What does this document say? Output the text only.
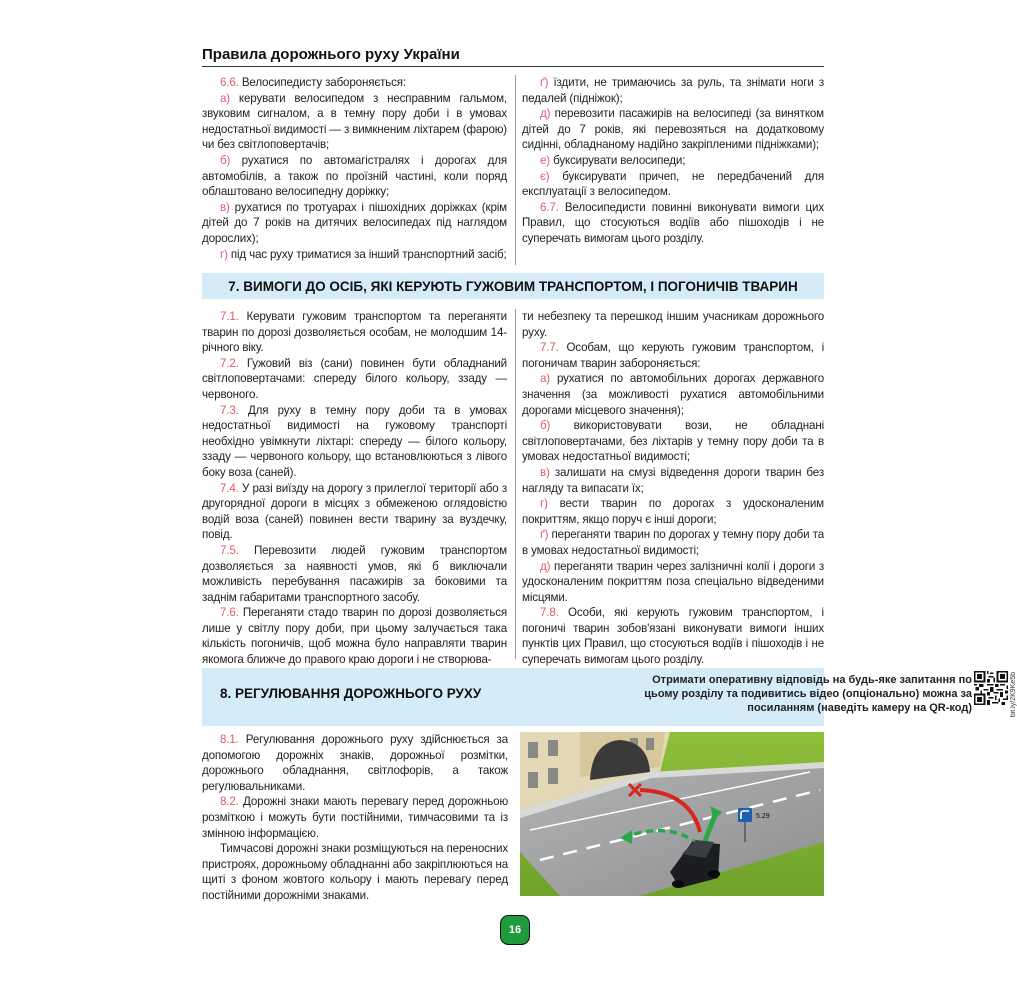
Правила дорожнього руху України

6.6. Велосипедисту забороняється:

а) керувати велосипедом з несправним гальмом, звуковим сигналом, а в темну пору доби і в умовах недостатньої видимості — з вимкненим ліхтарем (фарою) чи без світлоповертачів;

б) рухатися по автомагістралях і дорогах для автомобілів, а також по проїзній частині, коли поряд облаштовано велосипедну доріжку;

в) рухатися по тротуарах і пішохідних доріжках (крім дітей до 7 років на дитячих велосипедах під наглядом дорослих);

г) під час руху триматися за інший транспортний засіб;

ґ) їздити, не тримаючись за руль, та знімати ноги з педалей (підніжок);

д) перевозити пасажирів на велосипеді (за винятком дітей до 7 років, які перевозяться на додатковому сидінні, обладнаному надійно закріпленими підніжками);

е) буксирувати велосипеди;

є) буксирувати причеп, не передбачений для експлуатації з велосипедом.

6.7. Велосипедисти повинні виконувати вимоги цих Правил, що стосуються водіїв або пішоходів і не суперечать вимогам цього розділу.

7. ВИМОГИ ДО ОСІБ, ЯКІ КЕРУЮТЬ ГУЖОВИМ ТРАНСПОРТОМ, І ПОГОНИЧІВ ТВАРИН

7.1. Керувати гужовим транспортом та переганяти тварин по дорозі дозволяється особам, не молодшим 14-річного віку.

7.2. Гужовий віз (сани) повинен бути обладнаний світлоповертачами: спереду білого кольору, ззаду — червоного.

7.3. Для руху в темну пору доби та в умовах недостатньої видимості на гужовому транспорті необхідно увімкнути ліхтарі: спереду — білого кольору, ззаду — червоного кольору, що встановлюються з лівого боку воза (саней).

7.4. У разі виїзду на дорогу з прилеглої території або з другорядної дороги в місцях з обмеженою оглядовістю водій воза (саней) повинен вести тварину за вуздечку, повід.

7.5. Перевозити людей гужовим транспортом дозволяється за наявності умов, які б виключали можливість перебування пасажирів за боковими та заднім габаритами транспортного засобу.

7.6. Переганяти стадо тварин по дорозі дозволяється лише у світлу пору доби, при цьому залучається така кількість погоничів, щоб можна було направляти тварин якомога ближче до правого краю дороги і не створюва-

ти небезпеку та перешкод іншим учасникам дорожнього руху.

7.7. Особам, що керують гужовим транспортом, і погоничам тварин забороняється:

а) рухатися по автомобільних дорогах державного значення (за можливості рухатися автомобільними дорогами місцевого значення);

б) використовувати вози, не обладнані світлоповертачами, без ліхтарів у темну пору доби та в умовах недостатньої видимості;

в) залишати на смузі відведення дороги тварин без нагляду та випасати їх;

г) вести тварин по дорогах з удосконаленим покриттям, якщо поруч є інші дороги;

ґ) переганяти тварин по дорогах у темну пору доби та в умовах недостатньої видимості;

д) переганяти тварин через залізничні колії і дороги з удосконаленим покриттям поза спеціально відведеними місцями.

7.8. Особи, які керують гужовим транспортом, і погоничі тварин зобов'язані виконувати вимоги інших пунктів цих Правил, що стосуються водіїв і пішоходів і не суперечать вимогам цього розділу.

8. РЕГУЛЮВАННЯ ДОРОЖНЬОГО РУХУ
Отримати оперативну відповідь на будь-яке запитання по цьому розділу та подивитись відео (опціонально) можна за посиланням (наведіть камеру на QR-код)	bit.ly/2K9Ke5b

8.1. Регулювання дорожнього руху здійснюється за допомогою дорожніх знаків, дорожньої розмітки, дорожнього обладнання, світлофорів, а також регулювальниками.

8.2. Дорожні знаки мають перевагу перед дорожньою розміткою і можуть бути постійними, тимчасовими та із змінною інформацією.

Тимчасові дорожні знаки розміщуються на переносних пристроях, дорожньому обладнанні або закріплюються на щиті з фоном жовтого кольору і мають перевагу перед постійними дорожніми знаками.

5.29
16
